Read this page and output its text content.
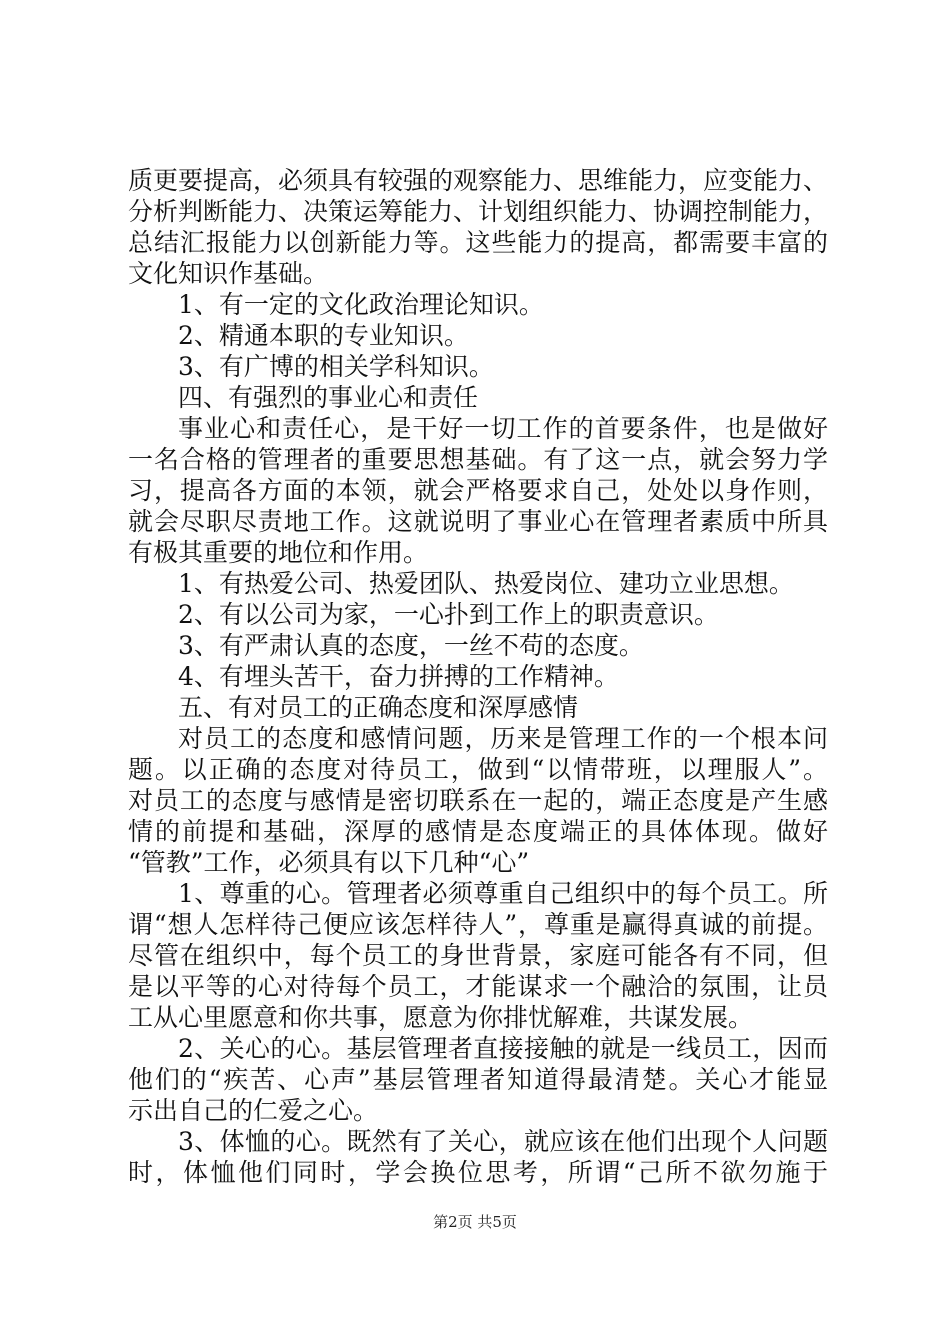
质更要提高，必须具有较强的观察能力、思维能力，应变能力、
分析判断能力、决策运筹能力、计划组织能力、协调控制能力，
总结汇报能力以创新能力等。这些能力的提高，都需要丰富的
文化知识作基础。
1、有一定的文化政治理论知识。
2、精通本职的专业知识。
3、有广博的相关学科知识。
四、有强烈的事业心和责任
事业心和责任心，是干好一切工作的首要条件，也是做好
一名合格的管理者的重要思想基础。有了这一点，就会努力学
习，提高各方面的本领，就会严格要求自己，处处以身作则，
就会尽职尽责地工作。这就说明了事业心在管理者素质中所具
有极其重要的地位和作用。
1、有热爱公司、热爱团队、热爱岗位、建功立业思想。
2、有以公司为家，一心扑到工作上的职责意识。
3、有严肃认真的态度，一丝不苟的态度。
4、有埋头苦干，奋力拼搏的工作精神。
五、有对员工的正确态度和深厚感情
对员工的态度和感情问题，历来是管理工作的一个根本问
题。以正确的态度对待员工，做到“以情带班，以理服人”。
对员工的态度与感情是密切联系在一起的，端正态度是产生感
情的前提和基础，深厚的感情是态度端正的具体体现。做好
“管教”工作，必须具有以下几种“心”
1、尊重的心。管理者必须尊重自己组织中的每个员工。所
谓“想人怎样待己便应该怎样待人”，尊重是赢得真诚的前提。
尽管在组织中，每个员工的身世背景，家庭可能各有不同，但
是以平等的心对待每个员工，才能谋求一个融洽的氛围，让员
工从心里愿意和你共事，愿意为你排忧解难，共谋发展。
2、关心的心。基层管理者直接接触的就是一线员工，因而
他们的“疾苦、心声”基层管理者知道得最清楚。关心才能显
示出自己的仁爱之心。
3、体恤的心。既然有了关心，就应该在他们出现个人问题
时，体恤他们同时，学会换位思考，所谓“己所不欲勿施于
第2页 共5页
